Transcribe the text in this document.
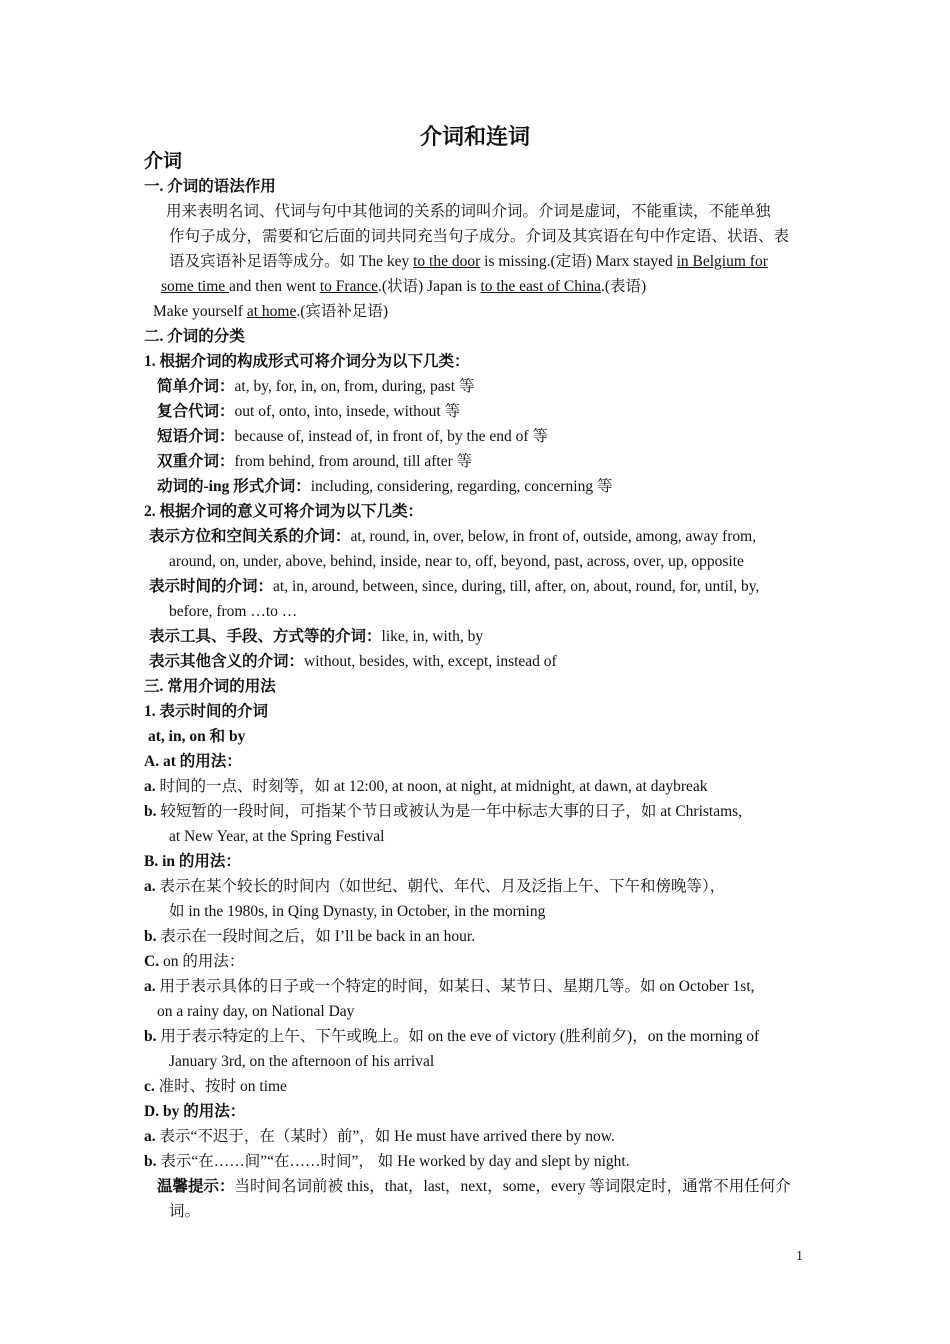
介词和连词
介词
一. 介词的语法作用
用来表明名词、代词与句中其他词的关系的词叫介词。介词是虚词，不能重读，不能单独
作句子成分，需要和它后面的词共同充当句子成分。介词及其宾语在句中作定语、状语、表
语及宾语补足语等成分。如 The key to the door is missing.(定语) Marx stayed in Belgium for
some time and then went to France.(状语) Japan is to the east of China.(表语)
Make yourself at home.(宾语补足语)
二. 介词的分类
1. 根据介词的构成形式可将介词分为以下几类：
简单介词：at, by, for, in, on, from, during, past 等
复合代词：out of, onto, into, insede, without 等
短语介词：because of, instead of, in front of, by the end of 等
双重介词：from behind, from around, till after 等
动词的-ing 形式介词：including, considering, regarding, concerning 等
2. 根据介词的意义可将介词为以下几类：
表示方位和空间关系的介词：at, round, in, over, below, in front of, outside, among, away from,
around, on, under, above, behind, inside, near to, off, beyond, past, across, over, up, opposite
表示时间的介词：at, in, around, between, since, during, till, after, on, about, round, for, until, by,
before, from …to …
表示工具、手段、方式等的介词：like, in, with, by
表示其他含义的介词：without, besides, with, except, instead of
三. 常用介词的用法
1. 表示时间的介词
at, in, on 和 by
A. at 的用法：
a. 时间的一点、时刻等，如 at 12:00, at noon, at night, at midnight, at dawn, at daybreak
b. 较短暂的一段时间，可指某个节日或被认为是一年中标志大事的日子，如 at Christams,
at New Year, at the Spring Festival
B. in 的用法：
a. 表示在某个较长的时间内（如世纪、朝代、年代、月及泛指上午、下午和傍晚等），
如 in the 1980s, in Qing Dynasty, in October, in the morning
b. 表示在一段时间之后，如 I’ll be back in an hour.
C. on 的用法：
a. 用于表示具体的日子或一个特定的时间，如某日、某节日、星期几等。如 on October 1st,
on a rainy day, on National Day
b. 用于表示特定的上午、下午或晚上。如 on the eve of victory (胜利前夕)，on the morning of
January 3rd, on the afternoon of his arrival
c. 准时、按时 on time
D. by 的用法：
a. 表示“不迟于，在（某时）前”，如 He must have arrived there by now.
b. 表示“在……间”“在……时间”， 如 He worked by day and slept by night.
温馨提示：当时间名词前被 this，that，last，next，some，every 等词限定时，通常不用任何介
词。
1
